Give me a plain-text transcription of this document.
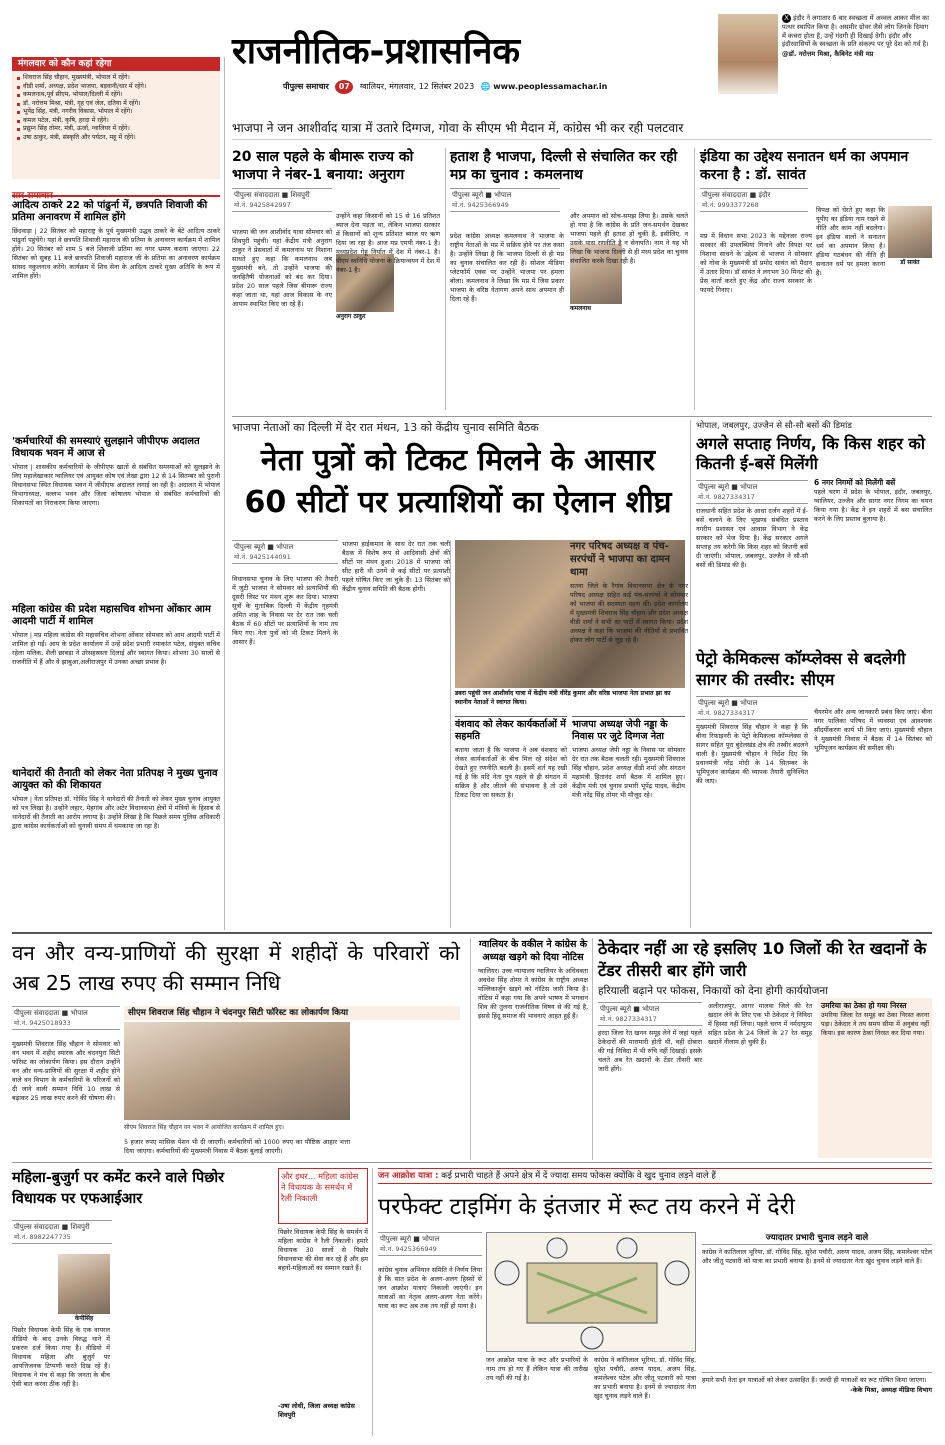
राजनीतिक-प्रशासनिक
पीपुल्स समाचार 07 ग्वालियर, मंगलवार, 12 सितंबर 2023 🌐 www.peoplessamachar.in
X इंदौर ने लगातार 6 बार स्वच्छता में अव्वल आकर मील का पत्थर स्थापित किया है। असमीर ग्रोवर जैसे लोग जिनके दिमाग में कचरा होता है, उन्हें गंदगी ही दिखाई देगी। इंदौर और इंदौरवासियों के स्वच्छता के प्रति संकल्प पर पूरे देश को गर्व है।
@डॉ. नरोत्तम मिश्रा, कैबिनेट मंत्री मप्र
मंगलवार को कौन कहां रहेगा
शिवराज सिंह चौहान, मुख्यमंत्री, भोपाल में रहेंगे।
वीडी शर्मा, अध्यक्ष, प्रदेश भाजपा, बड़वानी/धार में रहेंगे।
कमलनाथ,पूर्व सीएम, भोपाल/दिल्ली में रहेंगे।
डॉ. नरोत्तम मिश्रा, मंत्री, गृह एवं जेल, दतिया में रहेंगे।
भूपेंद्र सिंह, मंत्री, नगरीय विकास, भोपाल में रहेंगे।
कमल पटेल, मंत्री, कृषि, हरदा में रहेंगे।
प्रद्युम्न सिंह तोमर, मंत्री, ऊर्जा, ग्वालियर में रहेंगे।
उषा ठाकुर, मंत्री, संस्कृति और पर्यटन, महू में रहेंगे।
सार समाचार
आदित्य ठाकरे 22 को पांढुर्ना में, छत्रपति शिवाजी की प्रतिमा अनावरण में शामिल होंगे
छिंदवाड़ा | 22 सितंबर को महाराष्ट्र के पूर्व मुख्यमंत्री उद्धव ठाकरे के बेटे आदित्य ठाकरे पांढुर्ना पहुंचेंगे। यहां वे छत्रपति शिवाजी महाराज की प्रतिमा के अनावरण कार्यक्रम में शामिल होंगे। 20 सितंबर को शाम 5 बजे शिवाजी प्रतिमा का नगर भ्रमण कराया जाएगा। 22 सितंबर को सुबह 11 बजे छत्रपति शिवाजी महाराज जी के प्रतिमा का अनावरण कार्यक्रम सांसद नकुलनाथ करेंगे। कार्यक्रम में शिव सेना के आदित्य ठाकरे मुख्य अतिथि के रूप में शामिल होंगे।
'कर्मचारियों की समस्याएं सुलझाने जीपीएफ अदालत विधायक भवन में आज से
भोपाल | शासकीय कर्मचारियों के जीपीएफ खातों से संबंधित समस्याओं को सुलझाने के लिए महालेखाकार ग्वालियर एवं आयुक्त कोष एवं लेखा द्वारा 12 से 14 सितम्बर को पुरानी विधानसभा स्थित विधायक भवन में जीपीएफ अदालत लगाई जा रही है। अदालत में भोपाल विभागाध्यक्ष, वल्लभ भवन और जिला कोषालय भोपाल से संबंधित कर्मचारियों की शिकायतों का निराकरण किया जाएगा।
महिला कांग्रेस की प्रदेश महासचिव शोभना ओंकार आम आदमी पार्टी में शामिल
भोपाल | मप्र महिला कांग्रेस की महासचिव शोभना ओंकार सोमवार को आम आदमी पार्टी में शामिल हो गईं। आप के प्रदेश कार्यालय में उन्हें प्रदेश प्रभारी रमाकांत पटेल, संयुक्त सचिव रहेला मलिक, शैली छाबड़ा ने उरेसहस्रस्ता दिलाई और स्वागत किया। शोभना 30 सालों से राजनीति में हैं और वे झाबुआ,अलीराजपुर में उनका अच्छा प्रभाव है।
थानेदारों की तैनाती को लेकर नेता प्रतिपक्ष ने मुख्य चुनाव आयुक्त को की शिकायत
भोपाल | नेता प्रतिपक्ष डॉ. गोविंद सिंह ने थानेदारों की तैनाती को लेकर मुख्य चुनाव आयुक्त को पत्र लिखा है। उन्होंने लहार, मेहगांव और अटेर विधानसभा क्षेत्रों में मंत्रियों के हिसाब से थानेदारों की तैनाती का आरोप लगाया है। उन्होंने लिखा है कि पिछले समय पुलिस अधिकारी द्वारा कांग्रेस कार्यकर्ताओं को चुनावी समय में धमकाया जा रहा है।
भाजपा ने जन आशीर्वाद यात्रा में उतारे दिग्गज, गोवा के सीएम भी मैदान में, कांग्रेस भी कर रही पलटवार
20 साल पहले के बीमारू राज्य को भाजपा ने नंबर-1 बनाया: अनुराग
पीपुल्स संवाददाता ■ शिवपुरी
मो.नं. 9425842997
भाजपा की जन आशीर्वाद यात्रा सोमवार को शिवपुरी पहुंची। यहां केंद्रीय मंत्री अनुराग ठाकुर ने प्रेसवार्ता में कमलनाथ पर निशाना साधते हुए कहा कि कमलनाथ जब मुख्यमंत्री बने, तो उन्होंने भाजपा की जनहितैषी योजनाओं को बंद कर दिया। प्रदेश 20 साल पहले जिस बीमारू राज्य कहा जाता था, यहां आज विकास के नए आयाम स्थापित किए जा रहे हैं।
उन्होंने कहा किसानों को 15 से 16 प्रतिशत ब्याज देना पड़ता था, लेकिन भाजपा सरकार में किसानों को शून्य प्रतिशत ब्याज पर ऋण दिया जा रहा है। आज मप्र एमपी नंबर-1 है। मध्यप्रदेश गेहूं निर्यात में देश में नंबर-1 है। पीएम स्वनिधि योजना के क्रियान्वयन में देश में नंबर-1 है।
अनुराग ठाकुर
हताश है भाजपा, दिल्ली से संचालित कर रही मप्र का चुनाव : कमलनाथ
पीपुल्स ब्यूरो ■ भोपाल
मो.नं. 9425366949
प्रदेश कांग्रेस अध्यक्ष कमलनाथ ने भाजपा के राष्ट्रीय नेताओं के मप्र में सक्रिय होने पर तंज कसा है। उन्होंने लिखा है कि भाजपा दिल्ली से ही मप्र का चुनाव संचालित कर रही है। सोशल मीडिया प्लेटफॉर्म एक्स पर उन्होंने भाजपा पर हमला बोला। कमलनाथ ने लिखा कि मप्र में जिस प्रकार भाजपा के वरिष्ठ नेतागण अपने साथ अपमान ही दिला रहे हैं।
और अपमान को सोच-समझ लिया है। उसके चलते हो गया है कि कांग्रेस के प्रति जन-समर्थन देखकर भाजपा पहले ही हताश हो चुकी है, इसीलिए, न उसके पास रणनीति है न सेनापति। नाम ने यह भी लिखा कि भाजपा दिल्ली से ही मध्य प्रदेश का चुनाव संचालित करके दिखा रही है।
कमलनाथ
इंडिया का उद्देश्य सनातन धर्म का अपमान करना है : डॉ. सावंत
पीपुल्स संवाददाता ■ इंदौर
मो.नं. 9993377268
मप्र में विधान सभा 2023 के मद्देनजर राज्य सरकार की उपलब्धियां गिनाने और विपक्ष पर निशाना साधने के उद्देश्य से भाजपा ने सोमवार को गोवा के मुख्यमंत्री डॉ प्रमोद सावंत को मैदान में उतार दिया। डॉ सावंत ने लगभग 30 मिनट की प्रेस वार्ता करते हुए केंद्र और राज्य सरकार के फायदे गिनाए।
डॉ सावंत
विपक्ष को घेरते हुए कहा कि यूपीए का इंडिया नाम रखने से नीति और काम नहीं बदलेगा। इन इंडिया वालों ने सनातन धर्म का अपमान किया है। इंडिया गठबंधन की नीति ही सनातन धर्म पर हमला करना है।
भाजपा नेताओं का दिल्ली में देर रात मंथन, 13 को केंद्रीय चुनाव समिति बैठक
नेता पुत्रों को टिकट मिलने के आसार
60 सीटों पर प्रत्याशियों का ऐलान शीघ्र
पीपुल्स ब्यूरो ■ भोपाल
मो.नं. 9425144091
विधानसभा चुनाव के लिए भाजपा की तैयारी में जुटी भाजपा ने सोमवार को प्रत्याशियों की दूसरी लिस्ट पर मंथन शुरू कर दिया। भाजपा सूत्रों के मुताबिक दिल्ली में केंद्रीय गृहमंत्री अमित शाह के निवास पर देर रात तक चली बैठक में 60 सीटों पर प्रत्याशियों के नाम तय किए गए। नेता पुत्रों को भी टिकट मिलने के आसार हैं।
भाजपा हाईकमान के साथ देर रात तक चली बैठक में विशेष रूप से आदिवासी क्षेत्रों की सीटों पर मंथन हुआ। 2018 में भाजपा जो सीट हारी थी उनमें से कई सीटों पर प्रत्याशी पहले घोषित किए जा चुके हैं। 13 सितंबर को केंद्रीय चुनाव समिति की बैठक होगी।
डबरा पहुंची जन आशीर्वाद यात्रा में केंद्रीय मंत्री वीरेंद्र कुमार और वरिष्ठ भाजपा नेता प्रभात झा का स्थानीय नेताओं ने स्वागत किया।
वंशवाद को लेकर कार्यकर्ताओं में सहमति
बताया जाता है कि भाजपा ने अब वंशवाद को लेकर कार्यकर्ताओं के बीच मिल रहे संदेश को देखते हुए रणनीति बदली है। इसमें शर्त यह रखी गई है कि यदि नेता पुत्र पहले से ही संगठन में सक्रिय है और जीतने की संभावना है तो उसे टिकट दिया जा सकता है।
भाजपा अध्यक्ष जेपी नड्डा के निवास पर जुटे दिग्गज नेता
भाजपा अध्यक्ष जेपी नड्डा के निवास पर सोमवार देर रात तक बैठक चलती रही। मुख्यमंत्री शिवराज सिंह चौहान, प्रदेश अध्यक्ष वीडी शर्मा और संगठन महामंत्री हितानंद शर्मा बैठक में शामिल हुए। केंद्रीय मंत्री एवं चुनाव प्रभारी भूपेंद्र यादव, केंद्रीय मंत्री नरेंद्र सिंह तोमर भी मौजूद रहे।
नगर परिषद अध्यक्ष व पंच-सरपंचों ने भाजपा का दामन थामा
सतना जिले के रैगांव विधानसभा क्षेत्र के नगर परिषद अध्यक्ष सहित कई पंच-सरपंचों ने सोमवार को भाजपा की सदस्यता ग्रहण की। प्रदेश कार्यालय में मुख्यमंत्री शिवराज सिंह चौहान और प्रदेश अध्यक्ष वीडी शर्मा ने सभी का पार्टी में स्वागत किया। प्रदेश अध्यक्ष ने कहा कि भाजपा की नीतियों से प्रभावित होकर लोग पार्टी से जुड़ रहे हैं।
भोपाल, जबलपुर, उज्जैन से सौ-सौ बसों की डिमांड
अगले सप्ताह निर्णय, कि किस शहर को कितनी ई-बसें मिलेंगी
पीपुल्स ब्यूरो ■ भोपाल
मो.नं. 9827334317
राजधानी सहित प्रदेश के आधा दर्जन शहरों में ई-बसें चलाने के लिए भूखण्ड संबंधित प्रस्ताव नगरीय प्रशासन एवं आवास विभाग ने केंद्र सरकार को भेज दिया है। केंद्र सरकार अगले सप्ताह तय करेगी कि किस शहर को कितनी बसें दी जाएंगी। भोपाल, जबलपुर, उज्जैन ने सौ-सौ बसों की डिमांड की है।
6 नगर निगमों को मिलेंगी बसें
पहले चरण में प्रदेश के भोपाल, इंदौर, जबलपुर, ग्वालियर, उज्जैन और सागर नगर निगम का चयन किया गया है। केंद्र ने इन शहरों में बस संचालित करने के लिए प्रस्ताव बुलाया है।
पेट्रो केमिकल्स कॉम्प्लेक्स से बदलेगी सागर की तस्वीर: सीएम
पीपुल्स ब्यूरो ■ भोपाल
मो.नं. 9827334317
मुख्यमंत्री शिवराज सिंह चौहान ने कहा है कि बीना रिफाइनरी के पेट्रो केमिकल्स कॉम्प्लेक्स से सागर सहित पूरा बुंदेलखंड क्षेत्र की तस्वीर बदलने वाली है। मुख्यमंत्री चौहान ने निर्देश दिए कि प्रधानमंत्री नरेंद्र मोदी के 14 सितम्बर के भूमिपूजन कार्यक्रम की व्यापक तैयारी सुनिश्चित की जाए।
चैयरमेन और अन्य जानकारी प्रबंध किए जाएं। बीना नगर पालिका परिषद में व्यवस्था एवं आवश्यक सौंदर्यीकरण कार्य भी किए जाएं। मुख्यमंत्री चौहान ने मुख्यमंत्री निवास में बैठक में 14 सितंबर को भूमिपूजन कार्यक्रम की समीक्षा की।
वन और वन्य-प्राणियों की सुरक्षा में शहीदों के परिवारों को अब 25 लाख रुपए की सम्मान निधि
पीपुल्स संवाददाता ■ भोपाल
मो.नं. 9425018933
मुख्यमंत्री शिवराज सिंह चौहान ने सोमवार को वन भवन में शहीद स्मारक और चंदनपुरा सिटी फॉरेस्ट का लोकार्पण किया। इस दौरान उन्होंने वन और वन्य-प्राणियों की सुरक्षा में शहीद होने वाले वन विभाग के कर्मचारियों के परिजनों को दी जाने वाली सम्मान निधि 10 लाख से बढ़ाकर 25 लाख रुपए करने की घोषणा की।
सीएम शिवराज सिंह चौहान ने चंदनपुर सिटी फॉरेस्ट का लोकार्पण किया
सीएम शिवराज सिंह चौहान वन भवन में आयोजित कार्यक्रम में शामिल हुए।
5 हजार रुपए मासिक पेंशन भी दी जाएगी। कर्मचारियों को 1000 रुपए का पौष्टिक आहार भत्ता दिया जाएगा। कर्मचारियों की मुख्यमंत्री निवास में बैठक बुलाई जाएगी।
ग्वालियर के वकील ने कांग्रेस के अध्यक्ष खड़गे को दिया नोटिस
ग्वालियर। उच्च न्यायालय ग्वालियर के अधिवक्ता अवधेश सिंह तोमर ने कांग्रेस के राष्ट्रीय अध्यक्ष मल्लिकार्जुन खड़गे को नोटिस जारी किया है। नोटिस में कहा गया कि अपने भाषण में भगवान शिव की तुलना राजनीतिक विषय से की गई है, इससे हिंदू समाज की भावनाएं आहत हुई हैं।
ठेकेदार नहीं आ रहे इसलिए 10 जिलों की रेत खदानों के टेंडर तीसरी बार होंगे जारी
हरियाली बढ़ाने पर फोकस, निकायों को देना होगी कार्ययोजना
पीपुल्स ब्यूरो ■ भोपाल
मो.नं. 9827334317
हरदा जिला रेत खनन समूह लेने में जहां पहले ठेकेदारों की मारामारी होती थी, वहीं दोबारा की गई निविदा में भी रुचि नहीं दिखाई। इसके चलते अब रेत खदानों के टेंडर तीसरी बार जारी होंगे।
अलीराजपुर, आगर मालवा जिले की रेत खदान लेने के लिए एक भी ठेकेदार ने निविदा में हिस्सा नहीं लिया। पहले चरण में नर्मदापुरम सहित प्रदेश के 24 जिलों के 27 रेत समूह खदानें नीलाम हो चुकी हैं।
उमरिया का ठेका हो गया निरस्त
उमरिया जिला रेत समूह का ठेका निरस्त करना पड़ा। ठेकेदार ने तय समय सीमा में अनुबंध नहीं किया। इस कारण ठेका निरस्त कर दिया गया।
महिला-बुजुर्ग पर कमेंट करने वाले पिछोर विधायक पर एफआईआर
पीपुल्स संवाददाता ■ शिवपुरी
मो.नं. 8982247735
केपीसिंह
पिछोर विधायक केपी सिंह के एक वायरल वीडियो के बाद उनके विरुद्ध थाने में प्रकरण दर्ज किया गया है। वीडियो में विधायक महिला और बुजुर्ग पर आपत्तिजनक टिप्पणी करते दिख रहे हैं। विधायक ने मंच से कहा कि जनता के बीच ऐसी बात करना ठीक नहीं है।
और इधर... महिला कांग्रेस ने विधायक के समर्थन में रैली निकाली
पिछोर विधायक केपी सिंह के समर्थन में महिला कांग्रेस ने रैली निकाली। हमारे विधायक 30 सालों से पिछोर विधानसभा की सेवा कर रहे हैं और हम बहनों-महिलाओं का सम्मान रखते हैं।
-उषा लोधी, जिला अध्यक्ष कांग्रेस शिवपुरी
जन आक्रोश यात्रा : कई प्रभारी चाहते हैं अपने क्षेत्र में दें ज्यादा समय फोकस क्योंकि वे खुद चुनाव लड़ने वाले हैं
परफेक्ट टाइमिंग के इंतजार में रूट तय करने में देरी
पीपुल्स ब्यूरो ■ भोपाल
मो.नं. 9425366949
कांग्रेस चुनाव अभियान समिति ने निर्णय लिया है कि सात प्रदेश के अलग-अलग हिस्सों से जन आक्रोश यात्राएं निकाली जाएंगी। इन यात्राओं का नेतृत्व अलग-अलग नेता करेंगे। यात्रा का रूट अब तक तय नहीं हो पाया है।
जन आक्रोश यात्रा के रूट और प्रभारियों के नाम तय हो गए हैं लेकिन यात्रा की तारीख तय नहीं की गई है।
कांग्रेस ने कांतिलाल भूरिया, डॉ. गोविंद सिंह, सुरेश पचौरी, अरुण यादव, अजय सिंह, कमलेश्वर पटेल और जीतू पटवारी को यात्रा का प्रभारी बनाया है। इनमें से ज्यादातर नेता खुद चुनाव लड़ने वाले हैं।
ज्यादातर प्रभारी चुनाव लड़ने वाले
कांग्रेस ने कांतिलाल भूरिया, डॉ. गोविंद सिंह, सुरेश पचौरी, अरुण यादव, अजय सिंह, कमलेश्वर पटेल और जीतू पटवारी को यात्रा का प्रभारी बनाया है। इनमें से ज्यादातर नेता खुद चुनाव लड़ने वाले हैं।
हमारे सभी नेता इन यात्राओं को लेकर उत्साहित हैं। जल्दी ही यात्राओं का रूट घोषित किया जाएगा।
-केके मिश्रा, अध्यक्ष मीडिया विभाग
